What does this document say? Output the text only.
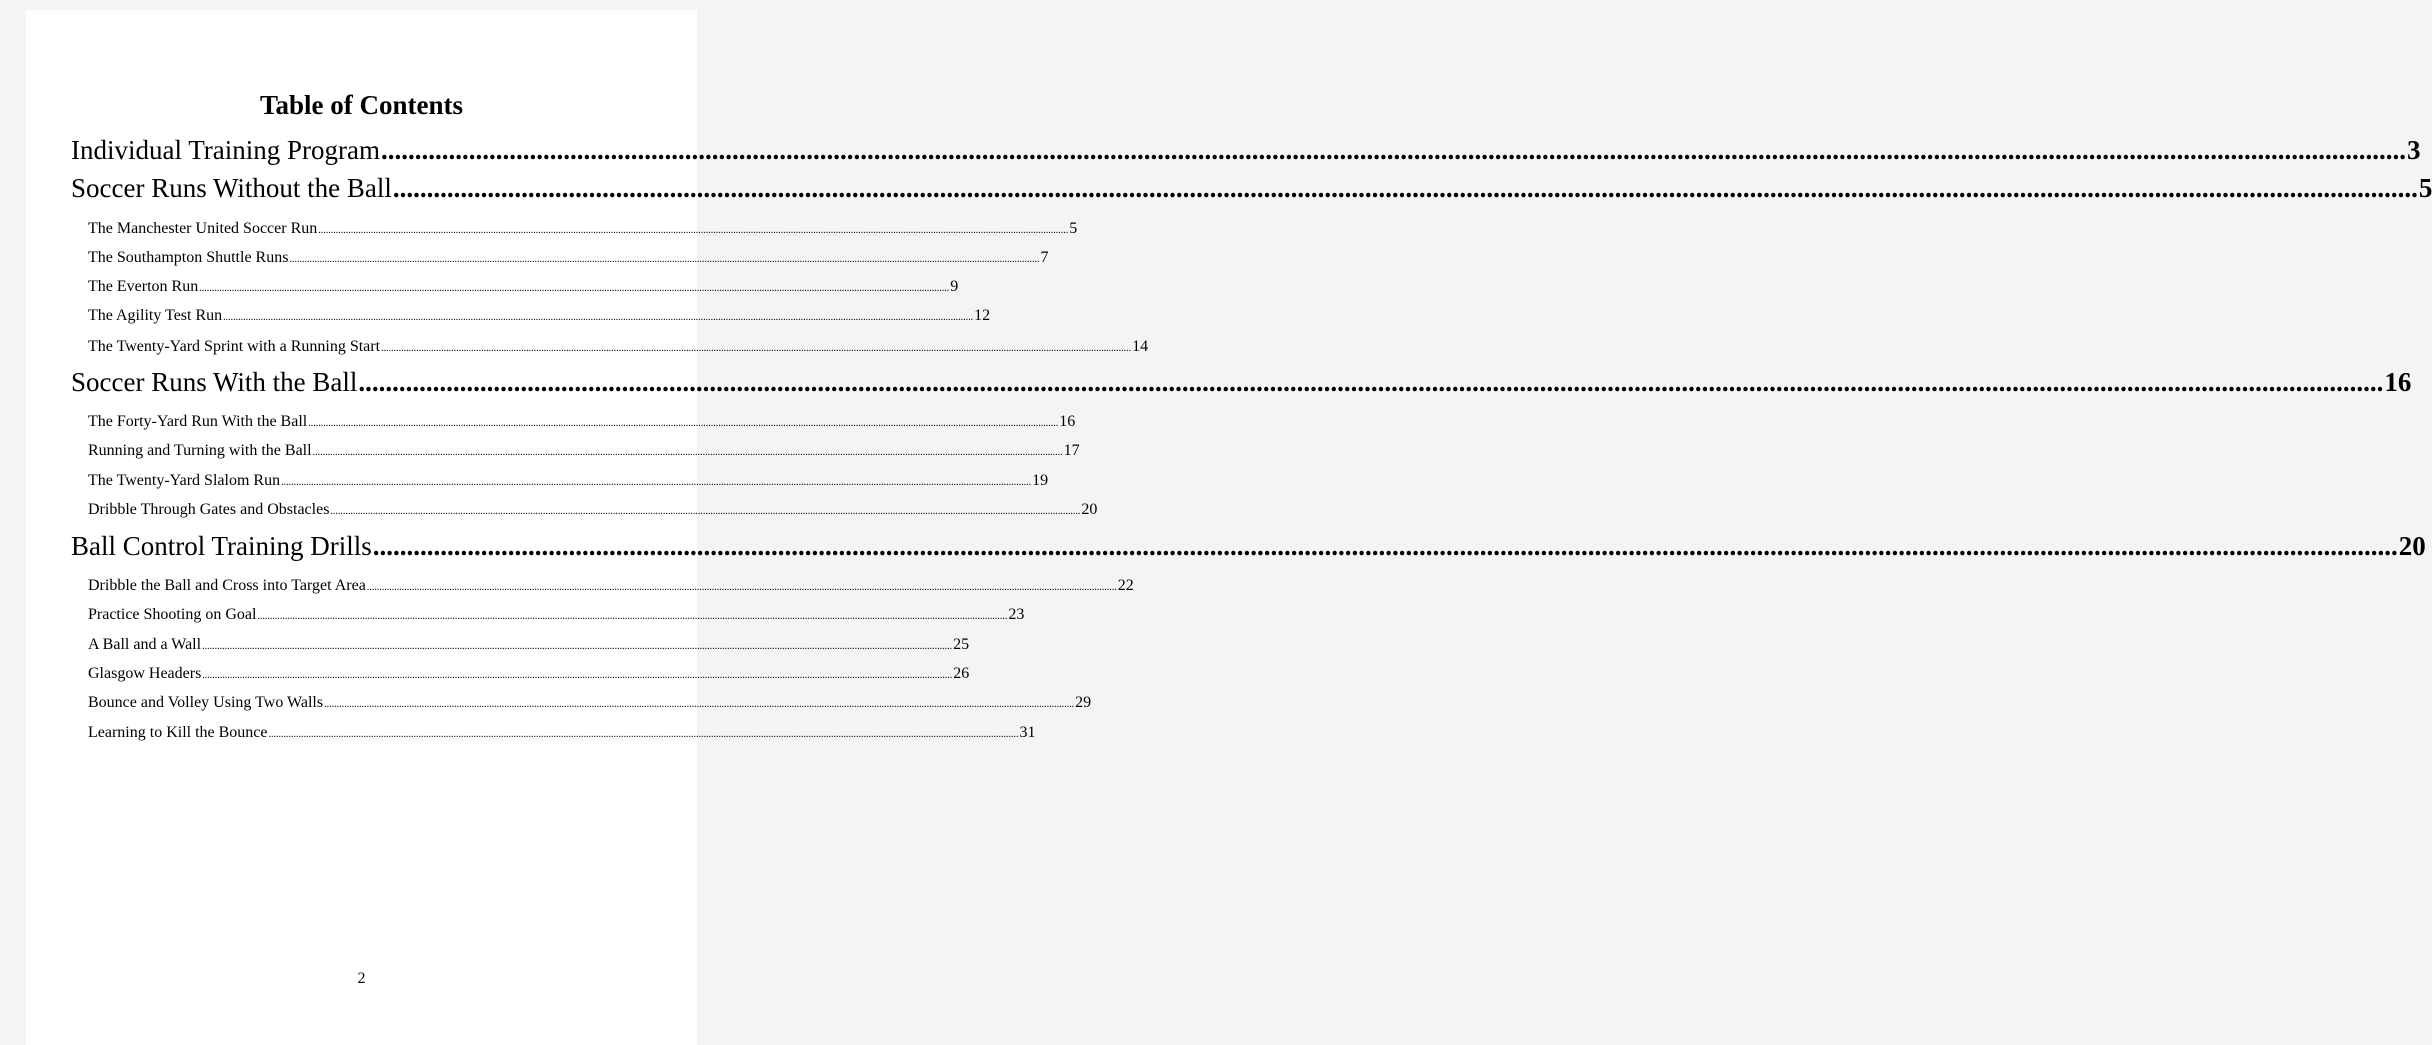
Table of Contents
Individual Training Program ............................................................................................................................................................................................................................................................................................................ 3
Soccer Runs Without the Ball ............................................................................................................................................................................................................................................................................................................ 5
The Manchester United Soccer Run ............................................................................................................................................................................................................................................................................................................ 5
The Southampton Shuttle Runs ............................................................................................................................................................................................................................................................................................................ 7
The Everton Run ............................................................................................................................................................................................................................................................................................................ 9
The Agility Test Run ............................................................................................................................................................................................................................................................................................................ 12
The Twenty-Yard Sprint with a Running Start ............................................................................................................................................................................................................................................................................................................ 14
Soccer Runs With the Ball ............................................................................................................................................................................................................................................................................................................ 16
The Forty-Yard Run With the Ball ............................................................................................................................................................................................................................................................................................................ 16
Running and Turning with the Ball ............................................................................................................................................................................................................................................................................................................ 17
The Twenty-Yard Slalom Run ............................................................................................................................................................................................................................................................................................................ 19
Dribble Through Gates and Obstacles ............................................................................................................................................................................................................................................................................................................ 20
Ball Control Training Drills ............................................................................................................................................................................................................................................................................................................ 20
Dribble the Ball and Cross into Target Area ............................................................................................................................................................................................................................................................................................................ 22
Practice Shooting on Goal ............................................................................................................................................................................................................................................................................................................ 23
A Ball and a Wall ............................................................................................................................................................................................................................................................................................................ 25
Glasgow Headers ............................................................................................................................................................................................................................................................................................................ 26
Bounce and Volley Using Two Walls ............................................................................................................................................................................................................................................................................................................ 29
Learning to Kill the Bounce ............................................................................................................................................................................................................................................................................................................ 31
2
